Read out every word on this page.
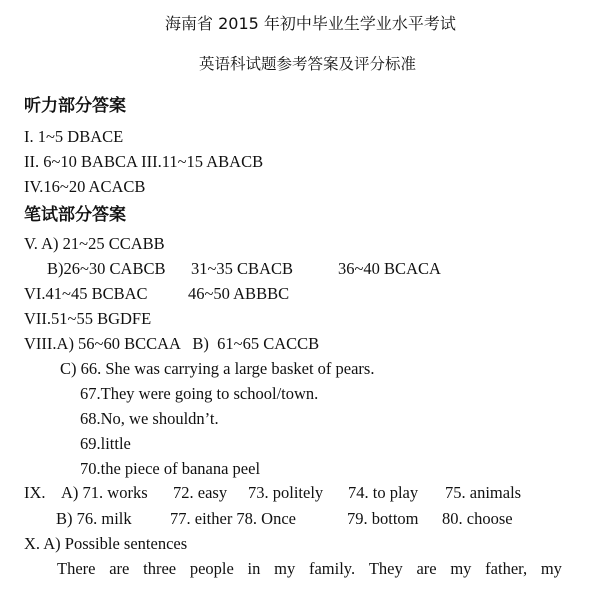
海南省 2015 年初中毕业生学业水平考试
英语科试题参考答案及评分标准
听力部分答案
I. 1~5 DBACE
II. 6~10 BABCA III.11~15 ABACB
IV.16~20 ACACB
笔试部分答案
V. A) 21~25 CCABB
B)26~30 CABCB 31~35 CBACB	36~40 BCACA
VI.41~45 BCBAC 46~50 ABBBC
VII.51~55 BGDFE
VIII.A) 56~60 BCCAA   B)  61~65 CACCB
C) 66. She was carrying a large basket of pears.
67.They were going to school/town.
68.No, we shouldn’t.
69.little
70.the piece of banana peel
IX. A) 71. works 72. easy 73. politely 74. to play 75. animals
B) 76. milk 77. either 78. Once	79. bottom 80. choose
X. A) Possible sentences
There are three people in my family. They are my father, my
